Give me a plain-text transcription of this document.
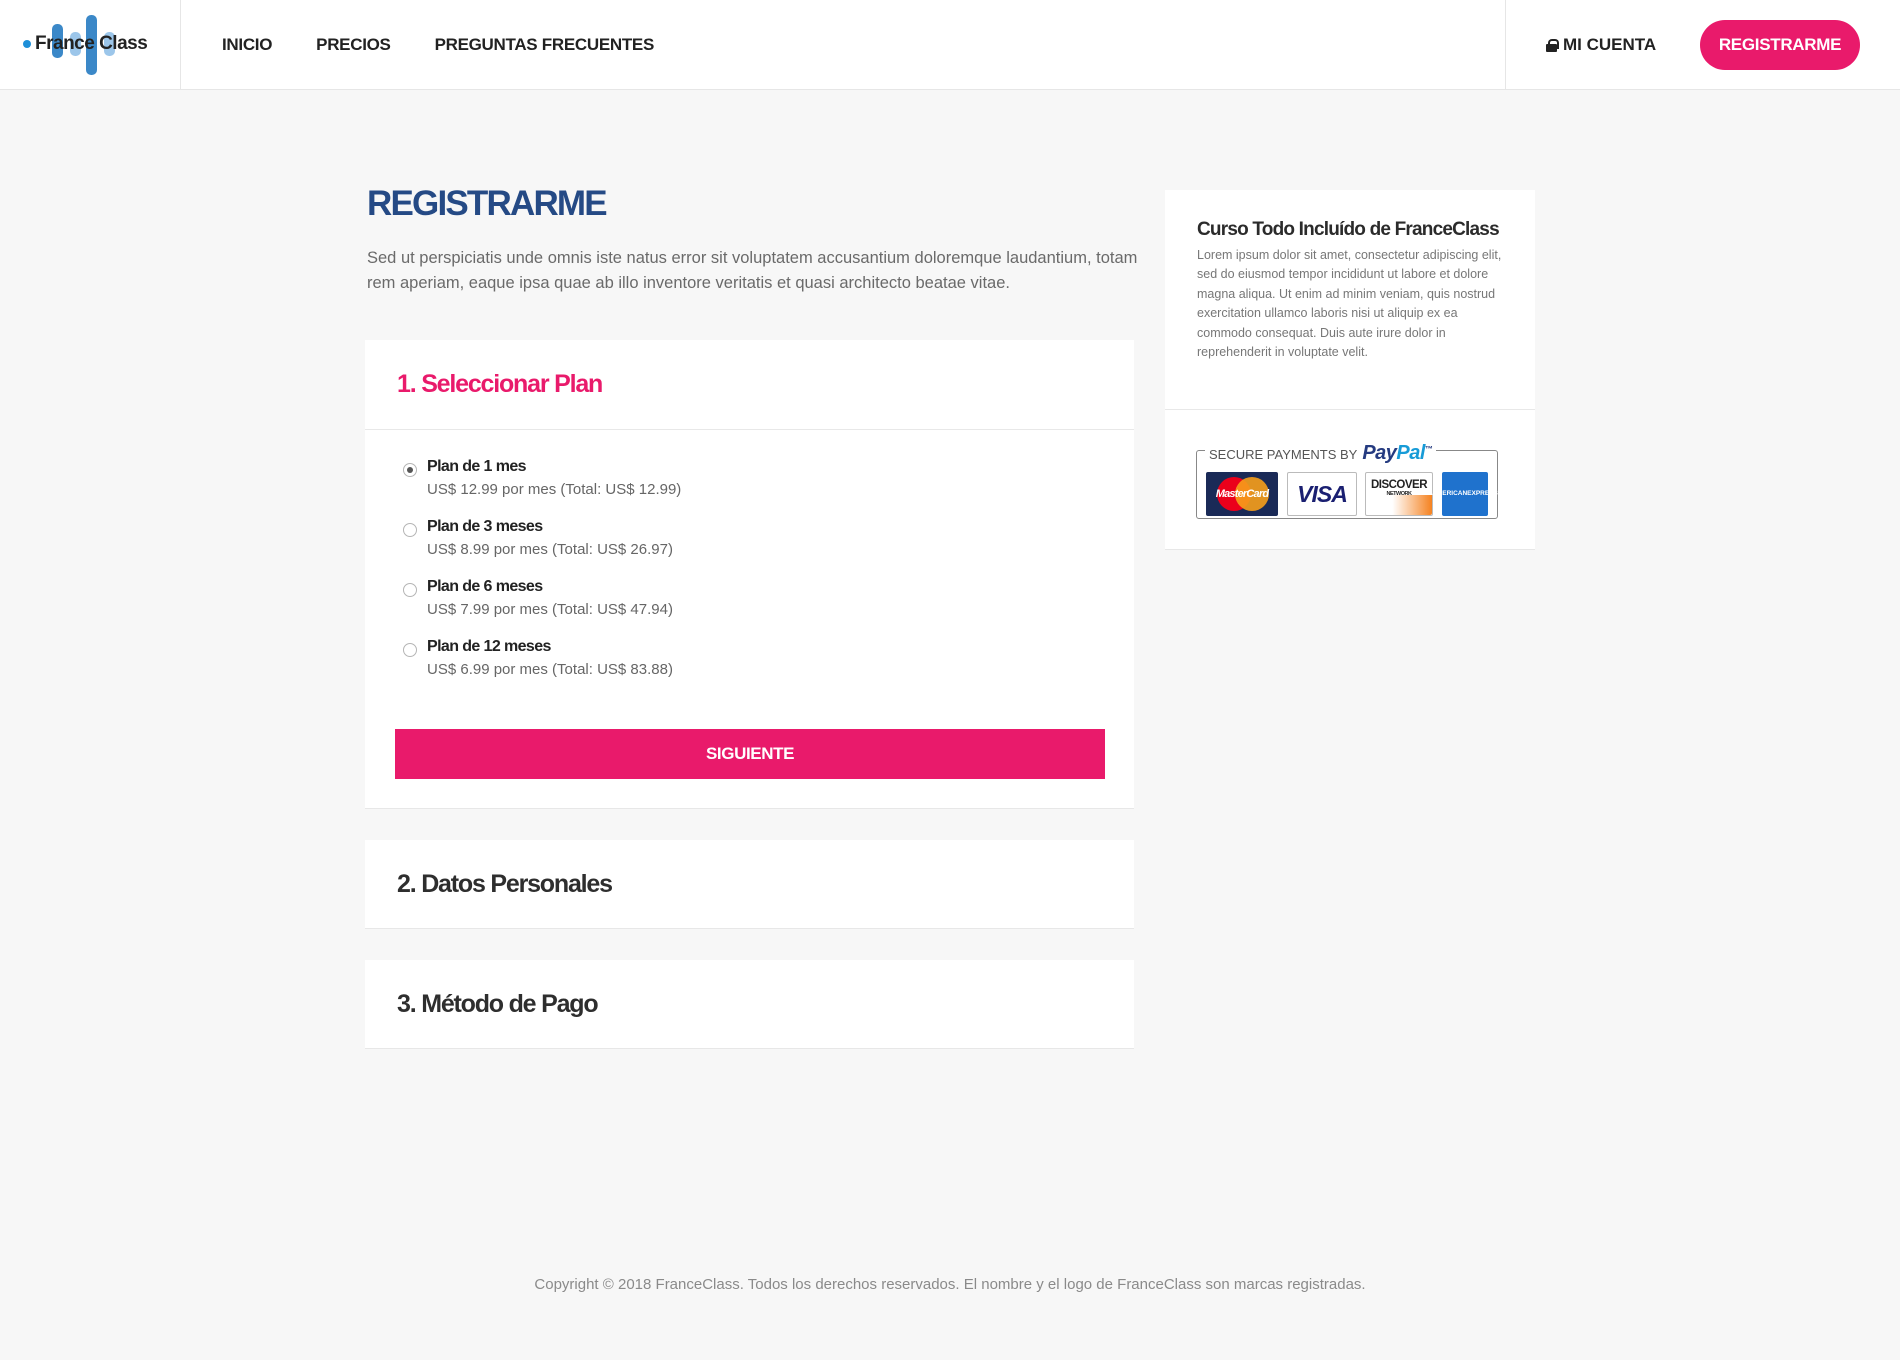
France Class	INICIO	PRECIOS	PREGUNTAS FRECUENTES	MI CUENTA	REGISTRARME
REGISTRARME

Sed ut perspiciatis unde omnis iste natus error sit voluptatem accusantium doloremque laudantium, totam rem aperiam, eaque ipsa quae ab illo inventore veritatis et quasi architecto beatae vitae.

1. Seleccionar Plan
Plan de 1 mes
US$ 12.99 por mes (Total: US$ 12.99)
Plan de 3 meses
US$ 8.99 por mes (Total: US$ 26.97)
Plan de 6 meses
US$ 7.99 por mes (Total: US$ 47.94)
Plan de 12 meses
US$ 6.99 por mes (Total: US$ 83.88)
SIGUIENTE
2. Datos Personales
3. Método de Pago
Curso Todo Incluído de FranceClass
Lorem ipsum dolor sit amet, consectetur adipiscing elit, sed do eiusmod tempor incididunt ut labore et dolore magna aliqua. Ut enim ad minim veniam, quis nostrud exercitation ullamco laboris nisi ut aliquip ex ea commodo consequat. Duis aute irure dolor in reprehenderit in voluptate velit.
SECURE PAYMENTS BY PayPal™
MasterCard	VISA	DISCOVER
NETWORK	AMERICAN EXPRESS
Copyright © 2018 FranceClass. Todos los derechos reservados. El nombre y el logo de FranceClass son marcas registradas.
